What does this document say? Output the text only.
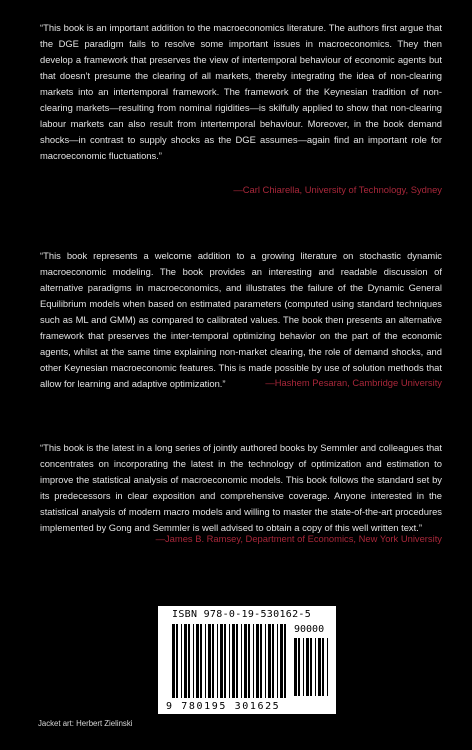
“This book is an important addition to the macroeconomics literature. The authors first argue that the DGE paradigm fails to resolve some important issues in macroeconomics. They then develop a framework that preserves the view of intertemporal behaviour of economic agents but that doesn’t presume the clearing of all markets, thereby integrating the idea of non-clearing markets into an intertemporal framework. The framework of the Keynesian tradition of non-clearing markets—resulting from nominal rigidities—is skilfully applied to show that non-clearing labour markets can also result from intertemporal behaviour. Moreover, in the book demand shocks—in contrast to supply shocks as the DGE assumes—again find an important role for macroeconomic fluctuations.”

—Carl Chiarella, University of Technology, Sydney

“This book represents a welcome addition to a growing literature on stochastic dynamic macroeconomic modeling. The book provides an interesting and readable discussion of alternative paradigms in macroeconomics, and illustrates the failure of the Dynamic General Equilibrium models when based on estimated parameters (computed using standard techniques such as ML and GMM) as compared to calibrated values. The book then presents an alternative framework that preserves the inter-temporal optimizing behavior on the part of the economic agents, whilst at the same time explaining non-market clearing, the role of demand shocks, and other Keynesian macroeconomic features. This is made possible by use of solution methods that allow for learning and adaptive optimization.”	—Hashem Pesaran, Cambridge University

“This book is the latest in a long series of jointly authored books by Semmler and colleagues that concentrates on incorporating the latest in the technology of optimization and estimation to improve the statistical analysis of macroeconomic models. This book follows the standard set by its predecessors in clear exposition and comprehensive coverage. Anyone interested in the statistical analysis of modern macro models and willing to master the state-of-the-art procedures implemented by Gong and Semmler is well advised to obtain a copy of this well written text.”

—James B. Ramsey, Department of Economics, New York University
ISBN 978-0-19-530162-5
90000
9 780195 301625
Jacket art: Herbert Zielinski
